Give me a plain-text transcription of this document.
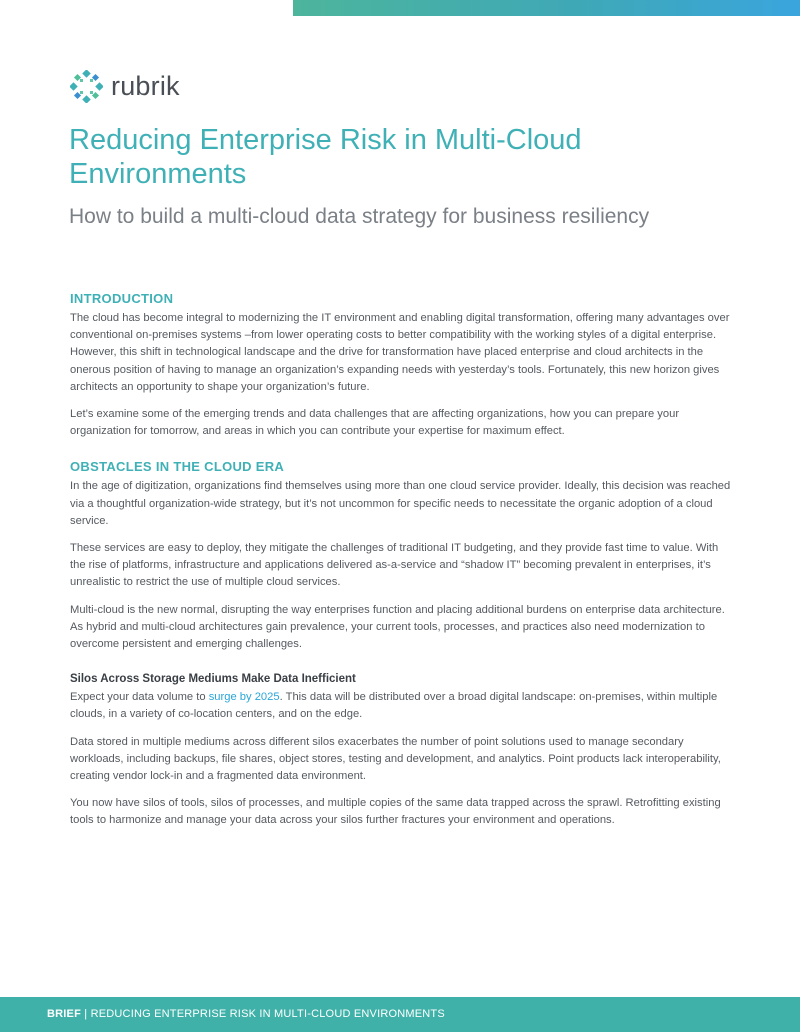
rubrik
Reducing Enterprise Risk in Multi-Cloud Environments
How to build a multi-cloud data strategy for business resiliency
INTRODUCTION

The cloud has become integral to modernizing the IT environment and enabling digital transformation, offering many advantages over conventional on-premises systems –from lower operating costs to better compatibility with the working styles of a digital enterprise. However, this shift in technological landscape and the drive for transformation have placed enterprise and cloud architects in the onerous position of having to manage an organization’s expanding needs with yesterday’s tools. Fortunately, this new horizon gives architects an opportunity to shape your organization’s future.

Let’s examine some of the emerging trends and data challenges that are affecting organizations, how you can prepare your organization for tomorrow, and areas in which you can contribute your expertise for maximum effect.

OBSTACLES IN THE CLOUD ERA

In the age of digitization, organizations find themselves using more than one cloud service provider. Ideally, this decision was reached via a thoughtful organization-wide strategy, but it’s not uncommon for specific needs to necessitate the organic adoption of a cloud service.

These services are easy to deploy, they mitigate the challenges of traditional IT budgeting, and they provide fast time to value. With the rise of platforms, infrastructure and applications delivered as-a-service and “shadow IT” becoming prevalent in enterprises, it’s unrealistic to restrict the use of multiple cloud services.

Multi-cloud is the new normal, disrupting the way enterprises function and placing additional burdens on enterprise data architecture. As hybrid and multi-cloud architectures gain prevalence, your current tools, processes, and practices also need modernization to overcome persistent and emerging challenges.

Silos Across Storage Mediums Make Data Inefficient

Expect your data volume to surge by 2025. This data will be distributed over a broad digital landscape: on-premises, within multiple clouds, in a variety of co-location centers, and on the edge.

Data stored in multiple mediums across different silos exacerbates the number of point solutions used to manage secondary workloads, including backups, file shares, object stores, testing and development, and analytics. Point products lack interoperability, creating vendor lock-in and a fragmented data environment.

You now have silos of tools, silos of processes, and multiple copies of the same data trapped across the sprawl. Retrofitting existing tools to harmonize and manage your data across your silos further fractures your environment and operations.

BRIEF | REDUCING ENTERPRISE RISK IN MULTI-CLOUD ENVIRONMENTS
